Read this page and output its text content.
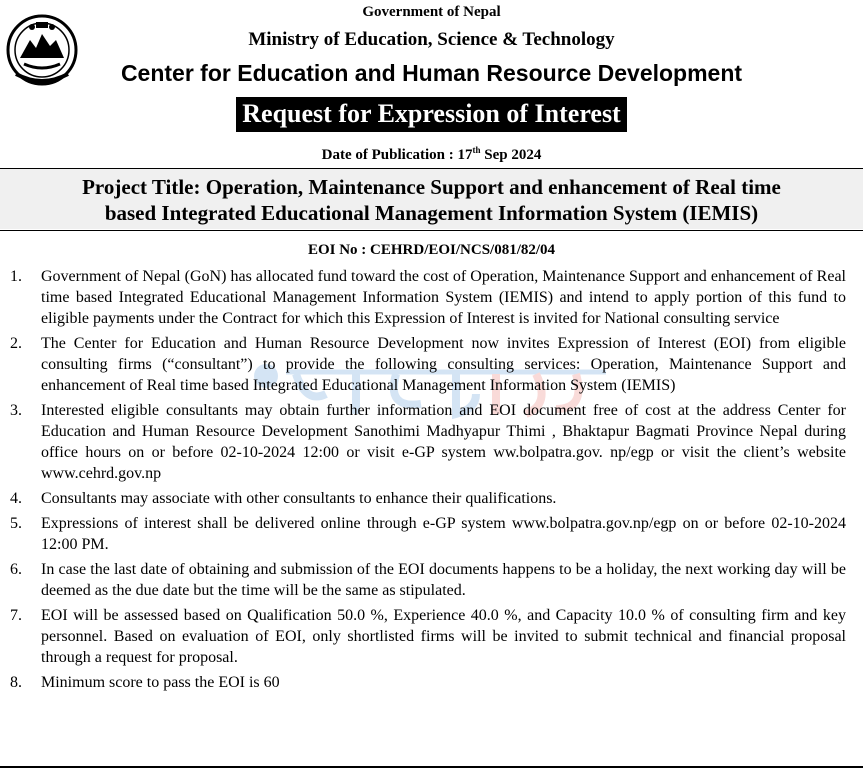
Government of Nepal
Ministry of Education, Science & Technology
Center for Education and Human Resource Development
Request for Expression of Interest
Date of Publication : 17th Sep 2024
Project Title: Operation, Maintenance Support and enhancement of Real time
based Integrated Educational Management Information System (IEMIS)
EOI No : CEHRD/EOI/NCS/081/82/04
1. Government of Nepal (GoN) has allocated fund toward the cost of Operation, Maintenance Support and enhancement of Real time based Integrated Educational Management Information System (IEMIS) and intend to apply portion of this fund to eligible payments under the Contract for which this Expression of Interest is invited for National consulting service
2. The Center for Education and Human Resource Development now invites Expression of Interest (EOI) from eligible consulting firms (“consultant”) to provide the following consulting services: Operation, Maintenance Support and enhancement of Real time based Integrated Educational Management Information System (IEMIS)
3. Interested eligible consultants may obtain further information and EOI document free of cost at the address Center for Education and Human Resource Development Sanothimi Madhyapur Thimi , Bhaktapur Bagmati Province Nepal during office hours on or before 02-10-2024 12:00 or visit e-GP system ww.bolpatra.gov. np/egp or visit the client’s website www.cehrd.gov.np
4. Consultants may associate with other consultants to enhance their qualifications.
5. Expressions of interest shall be delivered online through e-GP system www.bolpatra.gov.np/egp on or before 02-10-2024 12:00 PM.
6. In case the last date of obtaining and submission of the EOI documents happens to be a holiday, the next working day will be deemed as the due date but the time will be the same as stipulated.
7. EOI will be assessed based on Qualification 50.0 %, Experience 40.0 %, and Capacity 10.0 % of consulting firm and key personnel. Based on evaluation of EOI, only shortlisted firms will be invited to submit technical and financial proposal through a request for proposal.
8. Minimum score to pass the EOI is 60
